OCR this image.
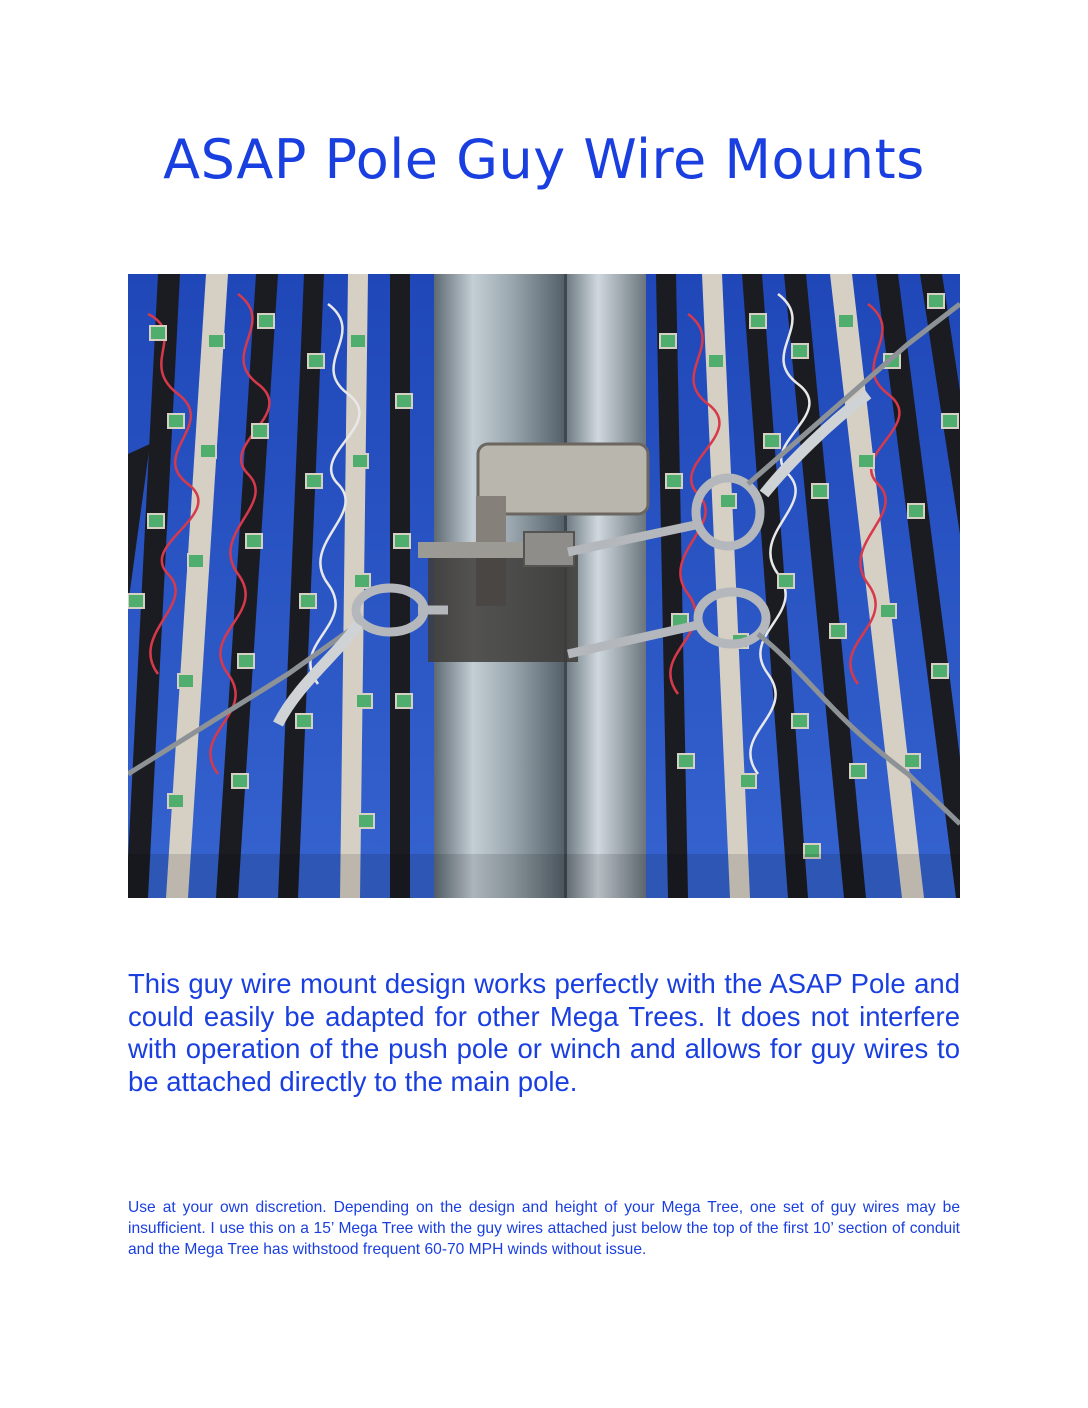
ASAP Pole Guy Wire Mounts

This guy wire mount design works perfectly with the ASAP Pole and could easily be adapted for other Mega Trees. It does not interfere with operation of the push pole or winch and allows for guy wires to be attached directly to the main pole.

Use at your own discretion. Depending on the design and height of your Mega Tree, one set of guy wires may be insufficient. I use this on a 15’ Mega Tree with the guy wires attached just below the top of the first 10’ section of conduit and the Mega Tree has withstood frequent 60-70 MPH winds without issue.
